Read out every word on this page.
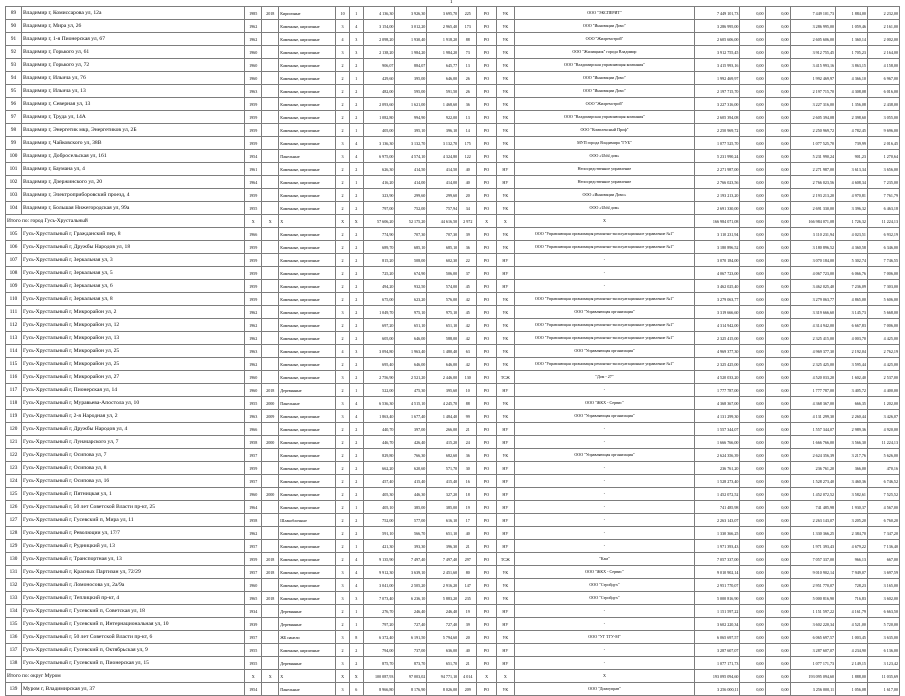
1
89	Владимир г, Комиссарова ул, 12а	1985	2018	Кирпичные	10	1	4 136,30	3 926,30	3 695,70	225	РО	УК	ООО "ЭКСПЕРИТ"	7 449 101,73	0,00	0,00	7 449 101,73	1 884,00	2 232,00
90	Владимир г, Мира ул, 26	1962		Каменные, кирпичные	3	4	3 154,00	3 012,20	2 965,40	173	РО	УК	ООО "Инновации Домс"	3 286 995,00	0,00	0,00	3 286 995,00	1 059,46	2 161,00
91	Владимир г, 1-я Пионерская ул, 67	1962		Каменные, кирпичные	4	3	2 098,20	1 930,40	1 918,20	88	РО	УК	ООО "Жилремстрой"	2 605 606,00	0,00	0,00	2 605 606,00	1 360,14	2 002,00
92	Владимир г, Горького ул, 61	1960		Каменные, кирпичные	3	3	2 138,20	1 984,20	1 984,20	73	РО	УК	ООО "Жилищник" города Владимир	3 912 755,45	0,00	0,00	3 912 755,45	1 705,23	2 164,00
93	Владимир г, Горького ул, 72	1960		Каменные, кирпичные	2	2	906,07	884,07	645,77	13	РО	УК	ООО "Владимирская управляющая компания"	3 415 993,16	0,00	0,00	3 415 993,16	3 863,15	4 158,00
94	Владимир г, Ильича ул, 76	1960		Каменные, кирпичные	2	1	429,60	395,00	646,00	26	РО	УК	ООО "Инновации Домс"	1 992 469,97	0,00	0,00	1 992 469,97	4 366,10	6 967,00
95	Владимир г, Ильича ул, 13	1963		Каменные, кирпичные	2	2	482,00	595,00	591,50	26	РО	УК	ООО "Инновации Домс"	2 197 715,70	0,00	0,00	2 197 715,70	4 308,08	6 016,00
96	Владимир г, Северная ул, 13	1959		Каменные, кирпичные	2	2	2 093,60	1 621,00	1 468,60	36	РО	УК	ООО "Жилремстрой"	3 227 316,00	0,00	0,00	3 227 316,00	1 356,08	2 438,00
97	Владимир г, Труда ул, 14А	1959		Каменные, кирпичные	2	2	1 082,80	994,90	922,00	13	РО	УК	ООО "Владимирская управляющая компания"	2 605 394,08	0,00	0,00	2 605 394,08	2 398,60	3 055,00
98	Владимир г, Энергетик мкр, Энергетиков ул, 2Б	1959		Каменные, кирпичные	2	1	405,00	395,10	396,10	14	РО	УК	ООО "Комплексный Проф"	2 250 969,72	0,00	0,00	2 250 969,72	4 782,45	9 696,00
99	Владимир г, Чайковского ул, 38В	1959		Каменные, кирпичные	3	4	3 136,30	3 132,70	3 132,70	175	РО	УК	МУП города Владимира "ГУБ"	1 077 525,70	0,00	0,00	1 077 525,70	739,99	2 016,45
100	Владимир г, Добросельская ул, 161	1954		Панельные	3	4	6 975,00	4 574,10	4 324,80	122	РО	УК	ООО «Ubhl дом»	5 231 990,24	0,00	0,00	5 231 990,24	901,23	1 270,64
101	Владимир г, Баумана ул, 4	1961		Каменные, кирпичные	2	2	626,30	414,50	414,50	40	РО	НУ	Непосредственное управление	2 271 987,00	0,00	0,00	2 271 987,00	3 613,34	3 656,00
102	Владимир г, Дзержинского ул, 20	1964		Каменные, кирпичные	2	1	416,20	414,00	414,00	40	РО	НУ	Непосредственное управление	2 766 023,56	0,00	0,00	2 766 023,56	4 608,34	7 235,00
103	Владимир г, Электроприборовский проезд, 4	1959		Каменные, кирпичные	2	2	323,90	299,60	299,60	20	РО	УК	ООО «Инновации Домс»	2 193 213,20	0,00	0,00	2 193 213,20	4 970,81	7 761,79
104	Владимир г, Большая Нижегородская ул, 99а	1955		Каменные, кирпичные	2	2	797,00	752,00	757,94	34	РО	УК	ООО «Ubhl дом»	2 691 330,00	0,00	0,00	2 691 330,00	3 396,32	6 463,18
Итого по: город Гусь-Хрустальный		X	X	X	X	X	57 606,20	52 175,20	44 616,50	2 972	X	X	X	166 984 071,08	0,00	0,00	166 984 071,08	1 726,32	11 224,13
105	Гусь-Хрустальный г, Гражданский пер, 8	1966		Каменные, кирпичные	2	2	774,90	707,30	707,30	39	РО	УК	ООО "Управляющая организация ремонтно-эксплуатационное управление №1"	3 110 231,94	0,00	0,00	3 110 231,94	4 023,51	6 932,19
106	Гусь-Хрустальный г, Дружбы Народов ул, 18	1959		Каменные, кирпичные	2	2	689,70	685,10	685,10	36	РО	УК	ООО "Управляющая организация ремонтно-эксплуатационное управление №1"	3 180 896,52	0,00	0,00	3 180 896,52	4 360,58	6 346,00
107	Гусь-Хрустальный г, Зеркальная ул, 3	1959		Каменные, кирпичные	2	2	815,20	508,00	602,30	22	РО	НУ	-	3 070 184,00	0,00	0,00	3 070 184,00	5 302,74	7 746,55
108	Гусь-Хрустальный г, Зеркальная ул, 5	1959		Каменные, кирпичные	2	2	725,20	674,90	506,00	37	РО	НУ	-	4 067 723,00	0,00	0,00	4 067 723,00	6 066,76	7 006,00
109	Гусь-Хрустальный г, Зеркальная ул, 6	1959		Каменные, кирпичные	2	2	494,20	932,50	574,00	45	РО	НУ	-	3 462 025,40	0,00	0,00	3 462 025,40	7 236,09	7 303,00
110	Гусь-Хрустальный г, Зеркальная ул, 8	1959		Каменные, кирпичные	2	2	675,00	623,20	576,00	42	РО	УК	ООО "Управляющая организация ремонтно-эксплуатационное управление №1"	3 279 063,77	0,00	0,00	3 279 063,77	4 865,00	5 606,00
111	Гусь-Хрустальный г, Микрорайон ул, 2	1962		Каменные, кирпичные	3	2	1 049,70	975,10	975,10	45	РО	УК	ООО "Управляющая организация"	3 319 666,60	0,00	0,00	3 319 666,60	3 145,73	5 668,00
112	Гусь-Хрустальный г, Микрорайон ул, 12	1962		Каменные, кирпичные	2	2	697,20	651,10	651,10	42	РО	УК	ООО "Управляющая организация ремонтно-эксплуатационное управление №1"	4 314 942,00	0,00	0,00	4 314 942,00	6 667,83	7 006,00
113	Гусь-Хрустальный г, Микрорайон ул, 13	1962		Каменные, кирпичные	2	2	605,00	646,00	588,00	42	РО	УК	ООО "Управляющая организация ремонтно-эксплуатационное управление №1"	2 325 415,00	0,00	0,00	2 325 415,00	4 003,70	4 425,00
114	Гусь-Хрустальный г, Микрорайон ул, 25	1963		Каменные, кирпичные	4	3	3 094,80	1 963,40	1 480,40	63	РО	УК	ООО "Управляющая организация"	4 969 377,30	0,00	0,00	4 969 377,30	2 192,04	2 762,19
115	Гусь-Хрустальный г, Микрорайон ул, 25	1962		Каменные, кирпичные	2	2	695,40	646,00	646,00	42	РО	УК	ООО "Управляющая организация ремонтно-эксплуатационное управление №1"	2 325 425,00	0,00	0,00	2 325 425,00	3 595,44	4 425,00
116	Гусь-Хрустальный г, Микрорайон ул, 27	1960		Каменные, кирпичные	3	2	2 756,90	2 521,20	2 446,00	130	РО	ТСЖ	"Дом - 27"	4 520 033,20	0,00	0,00	4 520 033,20	1 602,40	2 537,00
117	Гусь-Хрустальный г, Пионерская ул, 14	1960	2018	Деревянные	2	1	522,00	475,30	395,60	10	РО	НУ	-	1 777 787,00	0,00	0,00	1 777 787,00	3 405,72	4 400,00
118	Гусь-Хрустальный г, Муравьева-Апостола ул, 10	1955	2000	Панельные	3	4	6 536,30	4 515,10	4 245,70	88	РО	УК	ООО "ЖКХ - Сервис"	4 368 367,00	0,00	0,00	4 368 367,00	666,35	1 202,00
119	Гусь-Хрустальный г, 2-я Народная ул, 2	1963	2009	Каменные, кирпичные	3	4	1 863,40	1 677,40	1 484,40	99	РО	УК	ООО "Управляющая организация"	4 131 299,30	0,00	0,00	4 131 299,30	2 260,44	3 426,07
120	Гусь-Хрустальный г, Дружбы Народов ул, 4	1966		Каменные, кирпичные	2	2	440,70	397,00	266,00	21	РО	НУ	-	1 557 344,07	0,00	0,00	1 557 344,07	2 989,36	4 920,00
121	Гусь-Хрустальный г, Луначарского ул, 7	1958	2000	Каменные, кирпичные	2	2	446,70	426,40	415,20	24	РО	НУ	-	1 666 766,00	0,00	0,00	1 666 766,00	3 566,30	11 224,13
122	Гусь-Хрустальный г, Осипова ул, 7	1957		Каменные, кирпичные	2	2	829,80	766,30	682,60	36	РО	УК	ООО "Управляющая организация"	2 624 356,39	0,00	0,00	2 624 356,39	3 217,76	5 626,00
123	Гусь-Хрустальный г, Осипова ул, 8	1959		Каменные, кирпичные	2	2	662,20	620,60	571,70	30	РО	НУ	-	236 761,20	0,00	0,00	236 761,20	366,00	470,16
124	Гусь-Хрустальный г, Осипова ул, 16	1957		Каменные, кирпичные	2	2	457,40	415,40	415,40	16	РО	НУ	-	1 528 273,40	0,00	0,00	1 528 273,40	3 460,36	6 746,52
125	Гусь-Хрустальный г, Пятницкая ул, 1	1960	2000	Каменные, кирпичные	2	2	405,30	446,30	327,20	18	РО	НУ	-	1 452 072,52	0,00	0,00	1 452 072,52	3 582,61	7 525,52
126	Гусь-Хрустальный г, 50 лет Советской Власти пр-кт, 25	1964		Каменные, кирпичные	2	1	405,10	385,00	385,00	19	РО	НУ	-	741 485,98	0,00	0,00	741 485,98	1 930,37	4 567,00
127	Гусь-Хрустальный г, Гусевский п, Мира ул, 11	1958		Шлакоблочные	2	2	752,00	577,00	616,10	17	РО	НУ	-	2 263 143,07	0,00	0,00	2 263 143,07	3 205,20	6 760,20
128	Гусь-Хрустальный г, Революции ул, 17/7	1962		Каменные, кирпичные	2	2	591,10	566,70	651,10	40	РО	НУ	-	1 330 366,25	0,00	0,00	1 330 366,25	2 384,70	7 347,20
129	Гусь-Хрустальный г, Рудницкий ул, 13	1957		Каменные, кирпичные	2	1	421,30	393,30	396,30	21	РО	НУ	-	1 971 393,43	0,00	0,00	1 971 393,43	4 679,22	7 136,40
130	Гусь-Хрустальный г, Транспортная ул, 13	1959	2018	Каменные, кирпичные	2	4	9 135,90	7 497,40	7 497,40	297	РО	ТСЖ	"Кам"	7 057 337,00	0,00	0,00	7 057 337,00	966,13	667,00
131	Гусь-Хрустальный г, Красных Партизан ул, 72/29	1957	2018	Каменные, кирпичные	3	4	9 912,30	3 639,10	2 451,60	80	РО	УК	ООО "ЖКХ - Сервис"	9 010 902,14	0,00	0,00	9 010 902,14	7 949,07	3 697,59
132	Гусь-Хрустальный г, Ломоносова ул, 2а/9а	1960		Каменные, кирпичные	3	4	3 041,00	2 505,20	2 916,20	147	РО	УК	ООО "Стройдух"	2 951 770,07	0,00	0,00	2 951 770,07	728,23	3 165,00
133	Гусь-Хрустальный г, Теплицкий пр-кт, 4	1965	2018	Каменные, кирпичные	3	3	7 073,40	6 236,10	5 883,20	235	РО	УК	ООО "Стройдух"	5 000 816,90	0,00	0,00	5 000 816,90	716,83	3 602,00
134	Гусь-Хрустальный г, Гусевский п, Советская ул, 18	1934		Деревянные	2	1	276,70	246,40	246,40	19	РО	НУ	-	1 151 597,22	0,00	0,00	1 151 597,22	4 161,79	6 663,50
135	Гусь-Хрустальный г, Гусевский п, Интернациональная ул, 10	1939		Деревянные	2	1	797,20	727,40	727,40	39	РО	НУ	-	3 602 220,34	0,00	0,00	3 602 220,34	4 521,00	5 720,00
136	Гусь-Хрустальный г, 50 лет Советской Власти пр-кт, 6	1957		ЖБ панели	3	8	6 372,40	6 191,50	5 794,60	20	РО	УК	ООО "УГ ТГУ-М"	6 065 697,57	0,00	0,00	6 065 697,57	1 003,45	3 635,00
137	Гусь-Хрустальный г, Гусевский п, Октябрьская ул, 9	1955		Каменные, кирпичные	2	2	794,00	737,00	636,00	40	РО	НУ	-	3 287 607,07	0,00	0,00	3 287 607,07	4 234,90	6 136,00
138	Гусь-Хрустальный г, Гусевский п, Пионерская ул, 15	1955		Деревянные	3	2	875,70	873,70	651,70	21	РО	НУ	-	1 077 171,73	0,00	0,00	1 077 171,73	2 149,15	3 123,42
Итого по: округ Муром		X	X	X	X	X	100 087,93	97 003,02	94 771,10	4 014	X	X	X	193 095 094,60	0,00	0,00	193 095 094,60	1 888,00	11 035,69
139	Муром г, Владимирская ул, 37	1954		Панельные	3	6	8 966,80	8 176,90	8 026,00	209	РО	УК	ООО "Домоуправ"	3 256 000,11	0,00	0,00	3 256 000,11	1 056,08	1 617,00
